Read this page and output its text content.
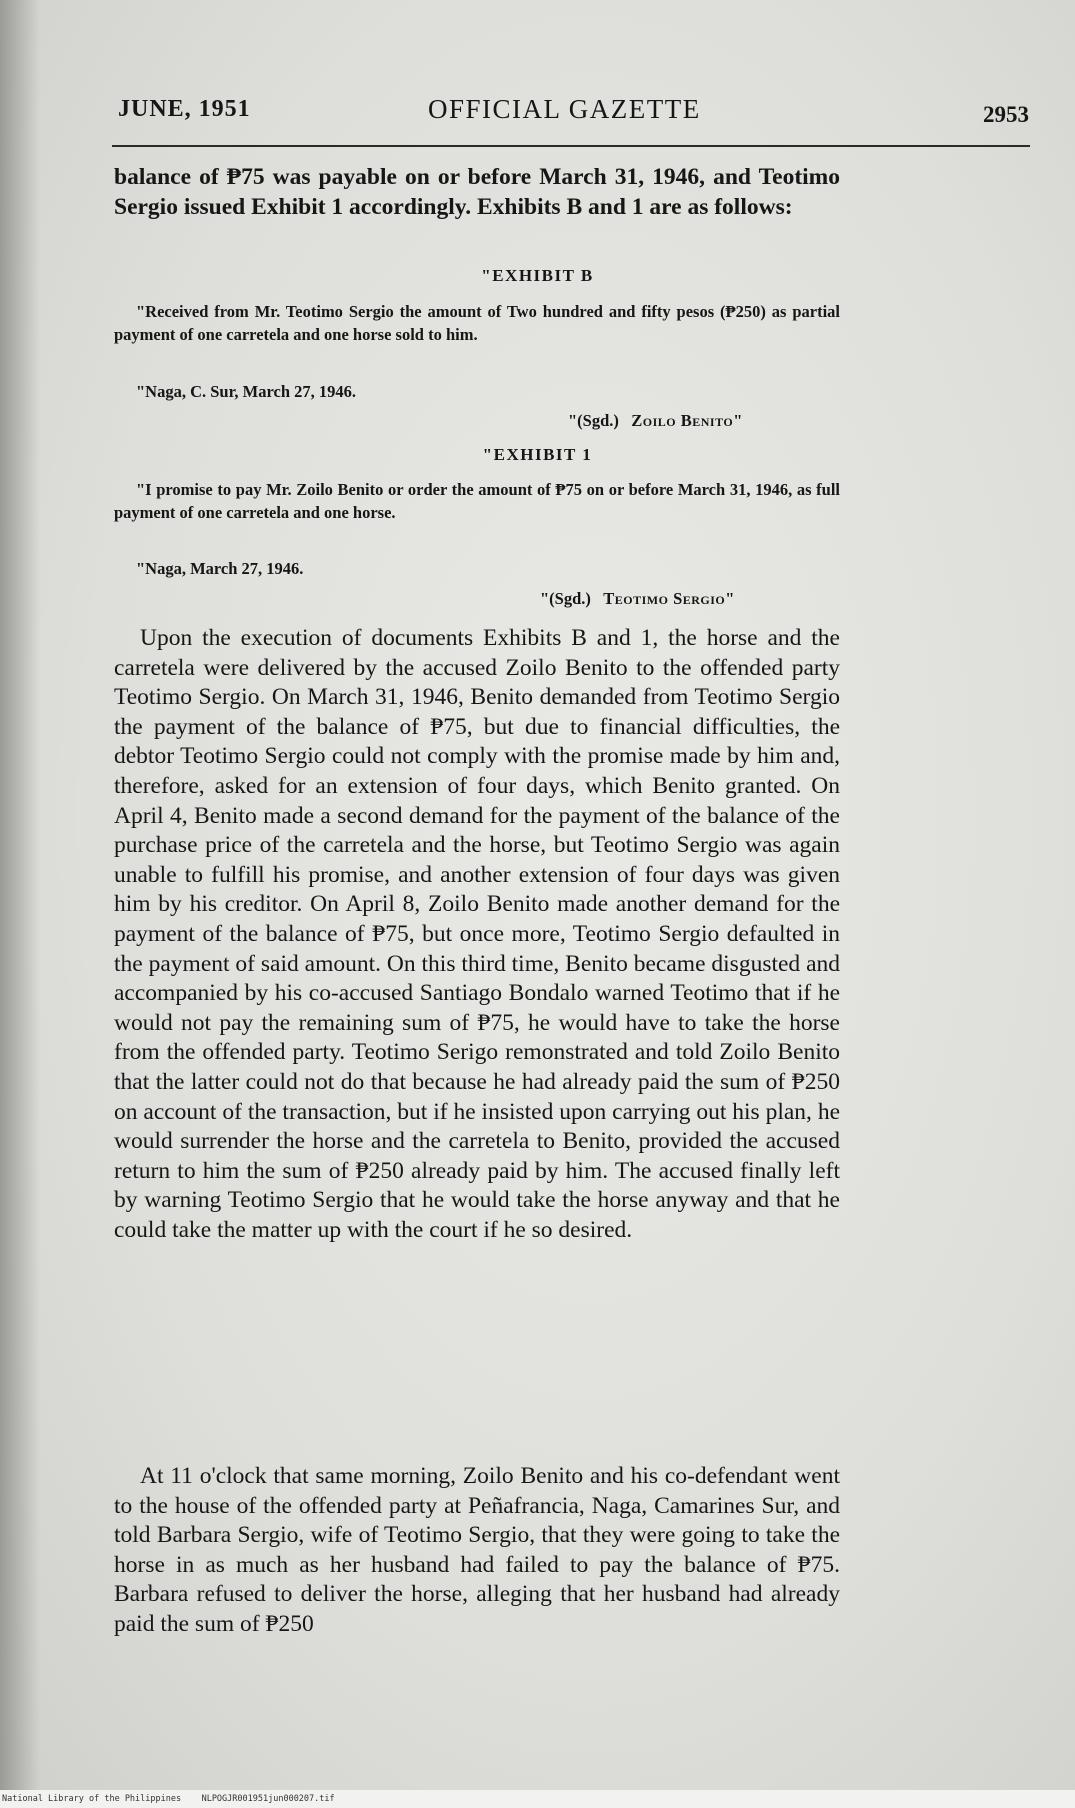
JUNE, 1951	OFFICIAL GAZETTE	2953

balance of ₱75 was payable on or before March 31, 1946, and Teotimo Sergio issued Exhibit 1 accordingly. Exhibits B and 1 are as follows:

"EXHIBIT B

"Received from Mr. Teotimo Sergio the amount of Two hundred and fifty pesos (₱250) as partial payment of one carretela and one horse sold to him.

"Naga, C. Sur, March 27, 1946.
"(Sgd.) Zoilo Benito"
"EXHIBIT 1

"I promise to pay Mr. Zoilo Benito or order the amount of ₱75 on or before March 31, 1946, as full payment of one carretela and one horse.

"Naga, March 27, 1946.
"(Sgd.) Teotimo Sergio"

Upon the execution of documents Exhibits B and 1, the horse and the carretela were delivered by the accused Zoilo Benito to the offended party Teotimo Sergio. On March 31, 1946, Benito demanded from Teotimo Sergio the payment of the balance of ₱75, but due to financial difficulties, the debtor Teotimo Sergio could not comply with the promise made by him and, therefore, asked for an extension of four days, which Benito granted. On April 4, Benito made a second demand for the payment of the balance of the purchase price of the carretela and the horse, but Teotimo Sergio was again unable to fulfill his promise, and another extension of four days was given him by his creditor. On April 8, Zoilo Benito made another demand for the payment of the balance of ₱75, but once more, Teotimo Sergio defaulted in the payment of said amount. On this third time, Benito became disgusted and accompanied by his co-accused Santiago Bondalo warned Teotimo that if he would not pay the remaining sum of ₱75, he would have to take the horse from the offended party. Teotimo Serigo remonstrated and told Zoilo Benito that the latter could not do that because he had already paid the sum of ₱250 on account of the transaction, but if he insisted upon carrying out his plan, he would surrender the horse and the carretela to Benito, provided the accused return to him the sum of ₱250 already paid by him. The accused finally left by warning Teotimo Sergio that he would take the horse anyway and that he could take the matter up with the court if he so desired.

At 11 o'clock that same morning, Zoilo Benito and his co-defendant went to the house of the offended party at Peñafrancia, Naga, Camarines Sur, and told Barbara Sergio, wife of Teotimo Sergio, that they were going to take the horse in as much as her husband had failed to pay the balance of ₱75. Barbara refused to deliver the horse, alleging that her husband had already paid the sum of ₱250

National Library of the Philippines    NLPOGJR001951jun000207.tif
